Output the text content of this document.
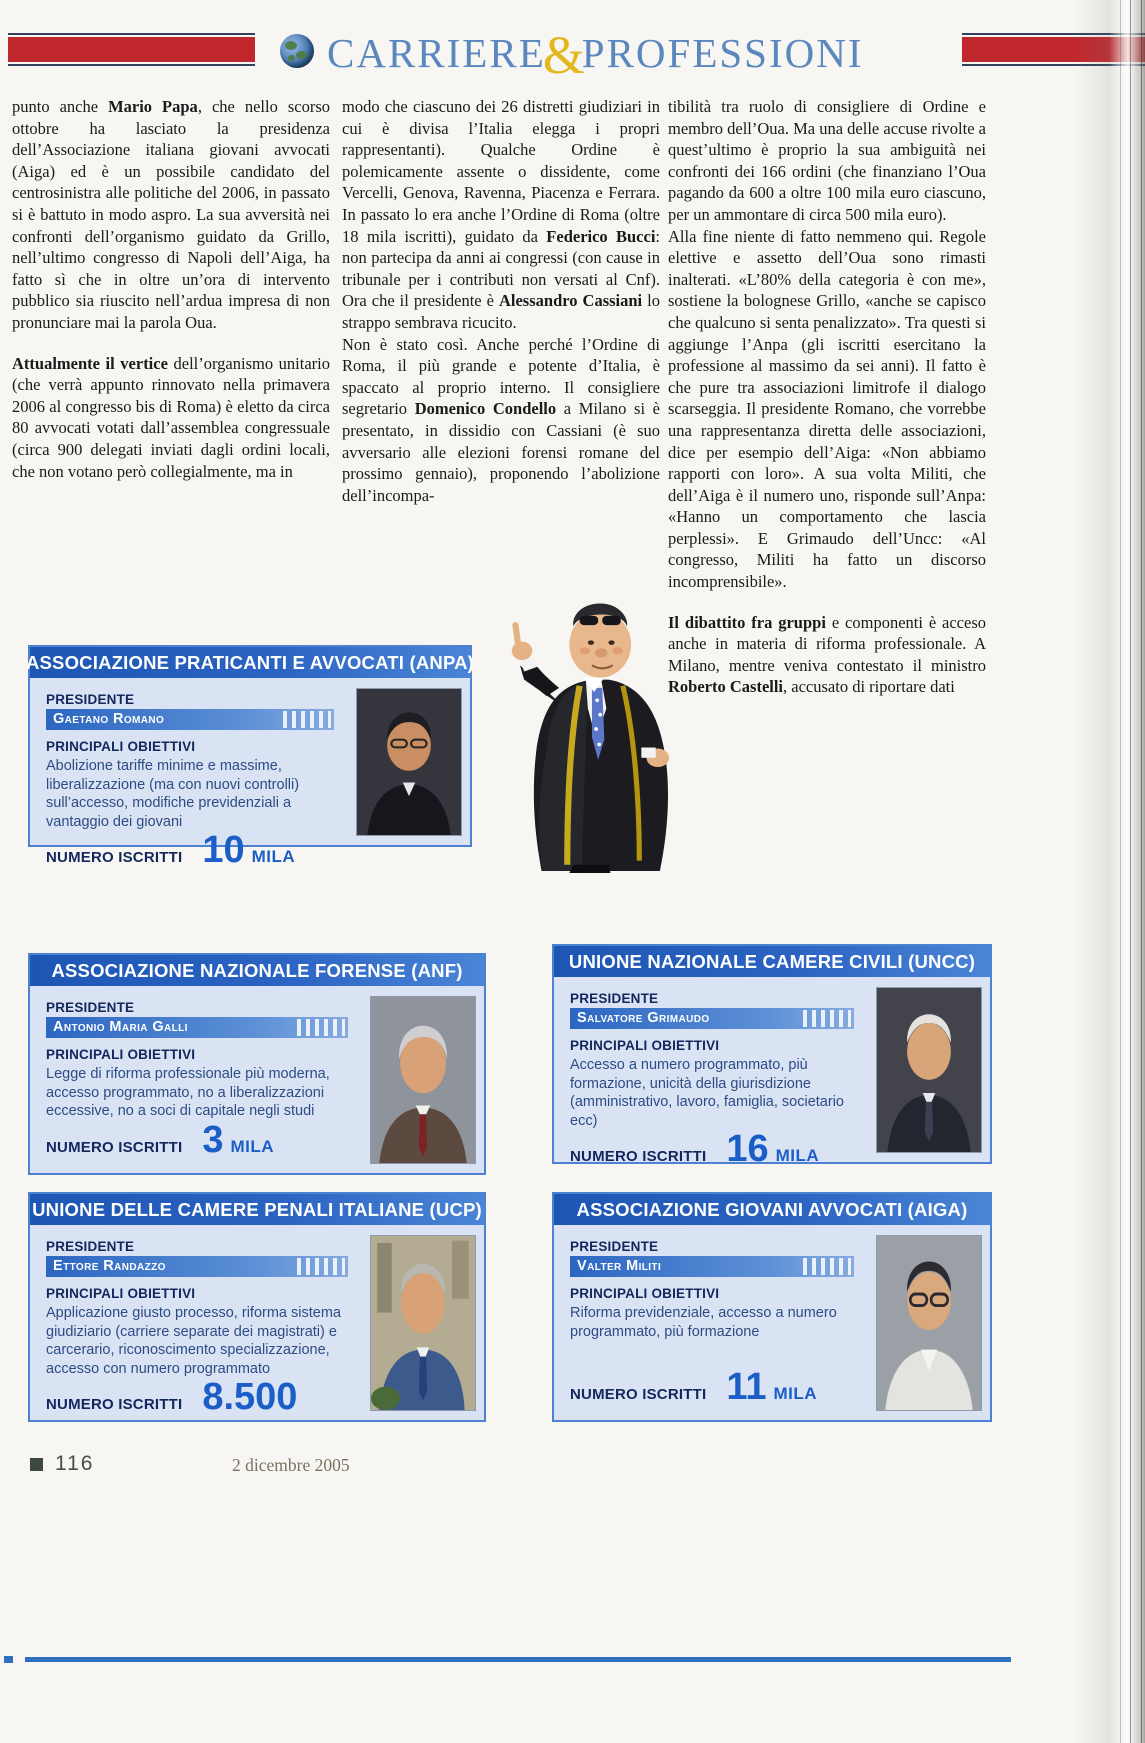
CARRIERE&PROFESSIONI

punto anche Mario Papa, che nello scorso ottobre ha lasciato la presidenza dell’Associazione italiana giovani avvocati (Aiga) ed è un possibile candidato del centrosinistra alle politiche del 2006, in passato si è battuto in modo aspro. La sua avversità nei confronti dell’organismo guidato da Grillo, nell’ultimo congresso di Napoli dell’Aiga, ha fatto sì che in oltre un’ora di intervento pubblico sia riuscito nell’ardua impresa di non pronunciare mai la parola Oua.

Attualmente il vertice dell’organismo unitario (che verrà appunto rinnovato nella primavera 2006 al congresso bis di Roma) è eletto da circa 80 avvocati votati dall’assemblea congressuale (circa 900 delegati inviati dagli ordini locali, che non votano però collegialmente, ma in

modo che ciascuno dei 26 distretti giudiziari in cui è divisa l’Italia elegga i propri rappresentanti). Qualche Ordine è polemicamente assente o dissidente, come Vercelli, Genova, Ravenna, Piacenza e Ferrara. In passato lo era anche l’Ordine di Roma (oltre 18 mila iscritti), guidato da Federico Bucci: non partecipa da anni ai congressi (con cause in tribunale per i contributi non versati al Cnf). Ora che il presidente è Alessandro Cassiani lo strappo sembrava ricucito.

Non è stato così. Anche perché l’Ordine di Roma, il più grande e potente d’Italia, è spaccato al proprio interno. Il consigliere segretario Domenico Condello a Milano si è presentato, in dissidio con Cassiani (è suo avversario alle elezioni forensi romane del prossimo gennaio), proponendo l’abolizione dell’incompa-

tibilità tra ruolo di consigliere di Ordine e membro dell’Oua. Ma una delle accuse rivolte a quest’ultimo è proprio la sua ambiguità nei confronti dei 166 ordini (che finanziano l’Oua pagando da 600 a oltre 100 mila euro ciascuno, per un ammontare di circa 500 mila euro).

Alla fine niente di fatto nemmeno qui. Regole elettive e assetto dell’Oua sono rimasti inalterati. «L’80% della categoria è con me», sostiene la bolognese Grillo, «anche se capisco che qualcuno si senta penalizzato». Tra questi si aggiunge l’Anpa (gli iscritti esercitano la professione al massimo da sei anni). Il fatto è che pure tra associazioni limitrofe il dialogo scarseggia. Il presidente Romano, che vorrebbe una rappresentanza diretta delle associazioni, dice per esempio dell’Aiga: «Non abbiamo rapporti con loro». A sua volta Militi, che dell’Aiga è il numero uno, risponde sull’Anpa: «Hanno un comportamento che lascia perplessi». E Grimaudo dell’Uncc: «Al congresso, Militi ha fatto un discorso incomprensibile».

Il dibattito fra gruppi e componenti è acceso anche in materia di riforma professionale. A Milano, mentre veniva contestato il ministro Roberto Castelli, accusato di riportare dati

ASSOCIAZIONE PRATICANTI E AVVOCATI (ANPA)
PRESIDENTE
Gaetano Romano
PRINCIPALI OBIETTIVI
Abolizione tariffe minime e massime, liberalizzazione (ma con nuovi controlli) sull’accesso, modifiche previdenziali a vantaggio dei giovani
NUMERO ISCRITTI 10 MILA
ASSOCIAZIONE NAZIONALE FORENSE (ANF)
PRESIDENTE
Antonio Maria Galli
PRINCIPALI OBIETTIVI
Legge di riforma professionale più moderna, accesso programmato, no a liberalizzazioni eccessive, no a soci di capitale negli studi
NUMERO ISCRITTI 3 MILA
UNIONE NAZIONALE CAMERE CIVILI (UNCC)
PRESIDENTE
Salvatore Grimaudo
PRINCIPALI OBIETTIVI
Accesso a numero programmato, più formazione, unicità della giurisdizione (amministrativo, lavoro, famiglia, societario ecc)
NUMERO ISCRITTI 16 MILA
UNIONE DELLE CAMERE PENALI ITALIANE (UCP)
PRESIDENTE
Ettore Randazzo
PRINCIPALI OBIETTIVI
Applicazione giusto processo, riforma sistema giudiziario (carriere separate dei magistrati) e carcerario, riconoscimento specializzazione, accesso con numero programmato
NUMERO ISCRITTI 8.500
ASSOCIAZIONE GIOVANI AVVOCATI (AIGA)
PRESIDENTE
Valter Militi
PRINCIPALI OBIETTIVI
Riforma previdenziale, accesso a numero programmato, più formazione
NUMERO ISCRITTI 11 MILA
116	2 dicembre 2005
